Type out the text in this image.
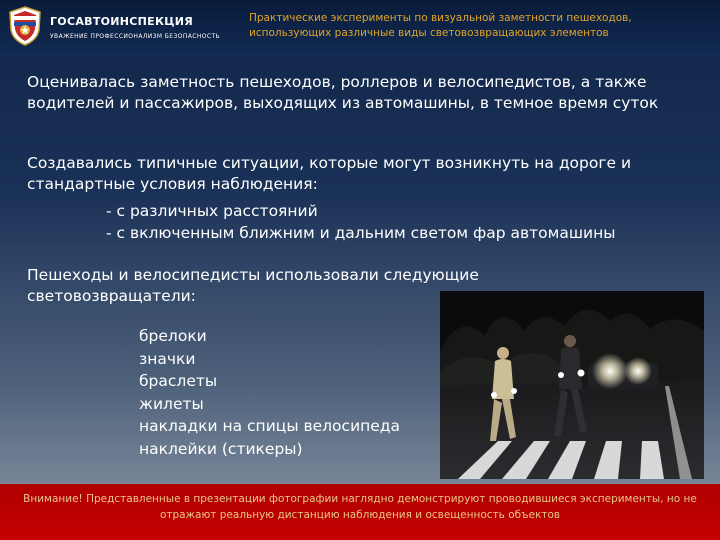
ГОСАВТОИНСПЕКЦИЯ
УВАЖЕНИЕ ПРОФЕССИОНАЛИЗМ БЕЗОПАСНОСТЬ
Практические эксперименты по визуальной заметности пешеходов, использующих различные виды световозвращающих элементов
Оценивалась заметность пешеходов, роллеров и велосипедистов, а также водителей и пассажиров, выходящих из автомашины, в темное время суток
Создавались типичные ситуации, которые могут возникнуть на дороге и стандартные условия наблюдения:
- с различных расстояний
- с включенным ближним и дальним светом фар автомашины
Пешеходы и велосипедисты использовали следующие световозвращатели:
брелоки
значки
браслеты
жилеты
накладки на спицы велосипеда
наклейки (стикеры)
Внимание! Представленные в презентации фотографии наглядно демонстрируют проводившиеся эксперименты, но не отражают реальную дистанцию наблюдения и освещенность объектов
